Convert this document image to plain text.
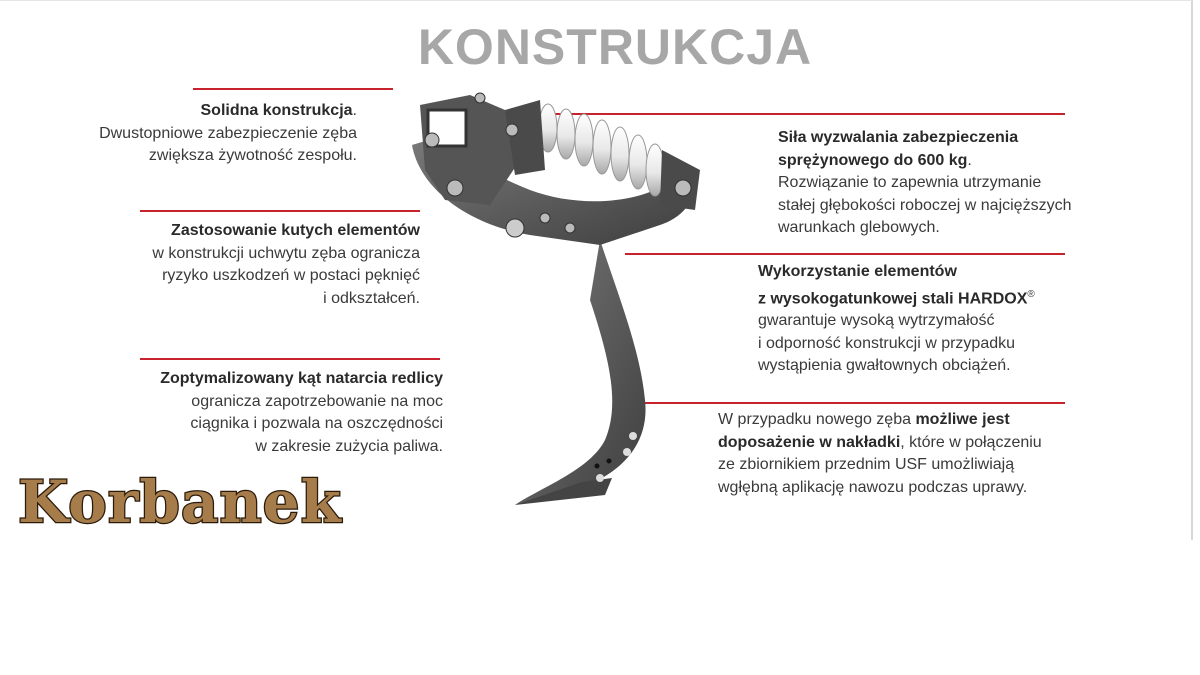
KONSTRUKCJA
Solidna konstrukcja.
Dwustopniowe zabezpieczenie zęba
zwiększa żywotność zespołu.
Zastosowanie kutych elementów
w konstrukcji uchwytu zęba ogranicza
ryzyko uszkodzeń w postaci pęknięć
i odkształceń.
Zoptymalizowany kąt natarcia redlicy
ogranicza zapotrzebowanie na moc
ciągnika i pozwala na oszczędności
w zakresie zużycia paliwa.
Siła wyzwalania zabezpieczenia
sprężynowego do 600 kg.
Rozwiązanie to zapewnia utrzymanie
stałej głębokości roboczej w najcięższych
warunkach glebowych.
Wykorzystanie elementów
z wysokogatunkowej stali HARDOX®
gwarantuje wysoką wytrzymałość
i odporność konstrukcji w przypadku
wystąpienia gwałtownych obciążeń.
W przypadku nowego zęba możliwe jest
doposażenie w nakładki, które w połączeniu
ze zbiornikiem przednim USF umożliwiają
wgłębną aplikację nawozu podczas uprawy.
Korbanek
